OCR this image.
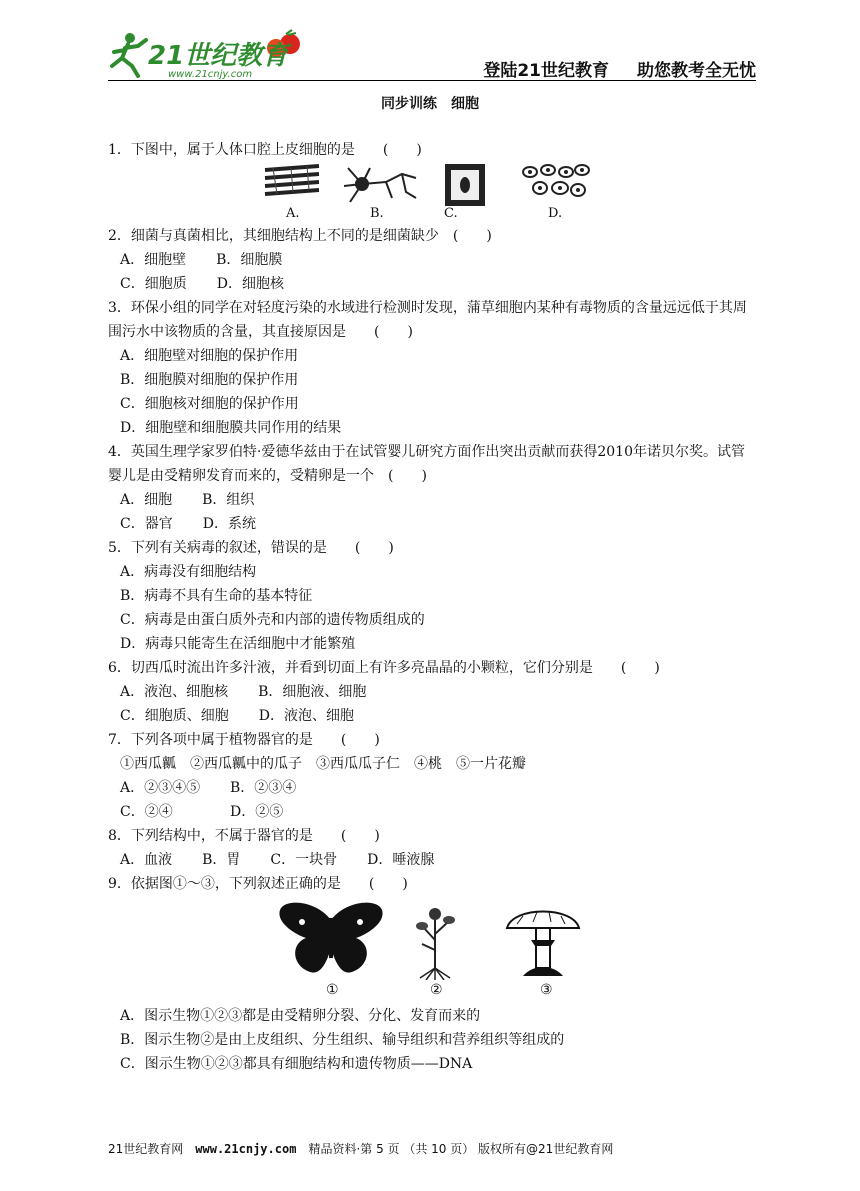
21世纪教育
www.21cnjy.com	登陆21世纪教育 助您教考全无忧
同步训练　细胞
1．下图中，属于人体口腔上皮细胞的是　　(　　)
A.	B.	C.	D.
2．细菌与真菌相比，其细胞结构上不同的是细菌缺少　(　　)
A．细胞壁 B．细胞膜
C．细胞质 D．细胞核
3．环保小组的同学在对轻度污染的水域进行检测时发现，蒲草细胞内某种有毒物质的含量远远低于其周围污水中该物质的含量，其直接原因是　　(　　)
A．细胞壁对细胞的保护作用
B．细胞膜对细胞的保护作用
C．细胞核对细胞的保护作用
D．细胞壁和细胞膜共同作用的结果
4．英国生理学家罗伯特·爱德华兹由于在试管婴儿研究方面作出突出贡献而获得2010年诺贝尔奖。试管婴儿是由受精卵发育而来的，受精卵是一个　(　　)
A．细胞 B．组织
C．器官 D．系统
5．下列有关病毒的叙述，错误的是　　(　　)
A．病毒没有细胞结构
B．病毒不具有生命的基本特征
C．病毒是由蛋白质外壳和内部的遗传物质组成的
D．病毒只能寄生在活细胞中才能繁殖
6．切西瓜时流出许多汁液，并看到切面上有许多亮晶晶的小颗粒，它们分别是　　(　　)
A．液泡、细胞核 B．细胞液、细胞
C．细胞质、细胞 D．液泡、细胞
7．下列各项中属于植物器官的是　　(　　)
①西瓜瓤　②西瓜瓤中的瓜子　③西瓜瓜子仁　④桃　⑤一片花瓣
A．②③④⑤ B．②③④
C．②④	D．②⑤
8．下列结构中，不属于器官的是　　(　　)
A．血液 B．胃 C．一块骨 D．唾液腺
9．依据图①～③，下列叙述正确的是　　(　　)
①	②	③
A．图示生物①②③都是由受精卵分裂、分化、发育而来的
B．图示生物②是由上皮组织、分生组织、输导组织和营养组织等组成的
C．图示生物①②③都具有细胞结构和遗传物质——DNA
21世纪教育网 www.21cnjy.com 精品资料·第 5 页 （共 10 页） 版权所有@21世纪教育网
